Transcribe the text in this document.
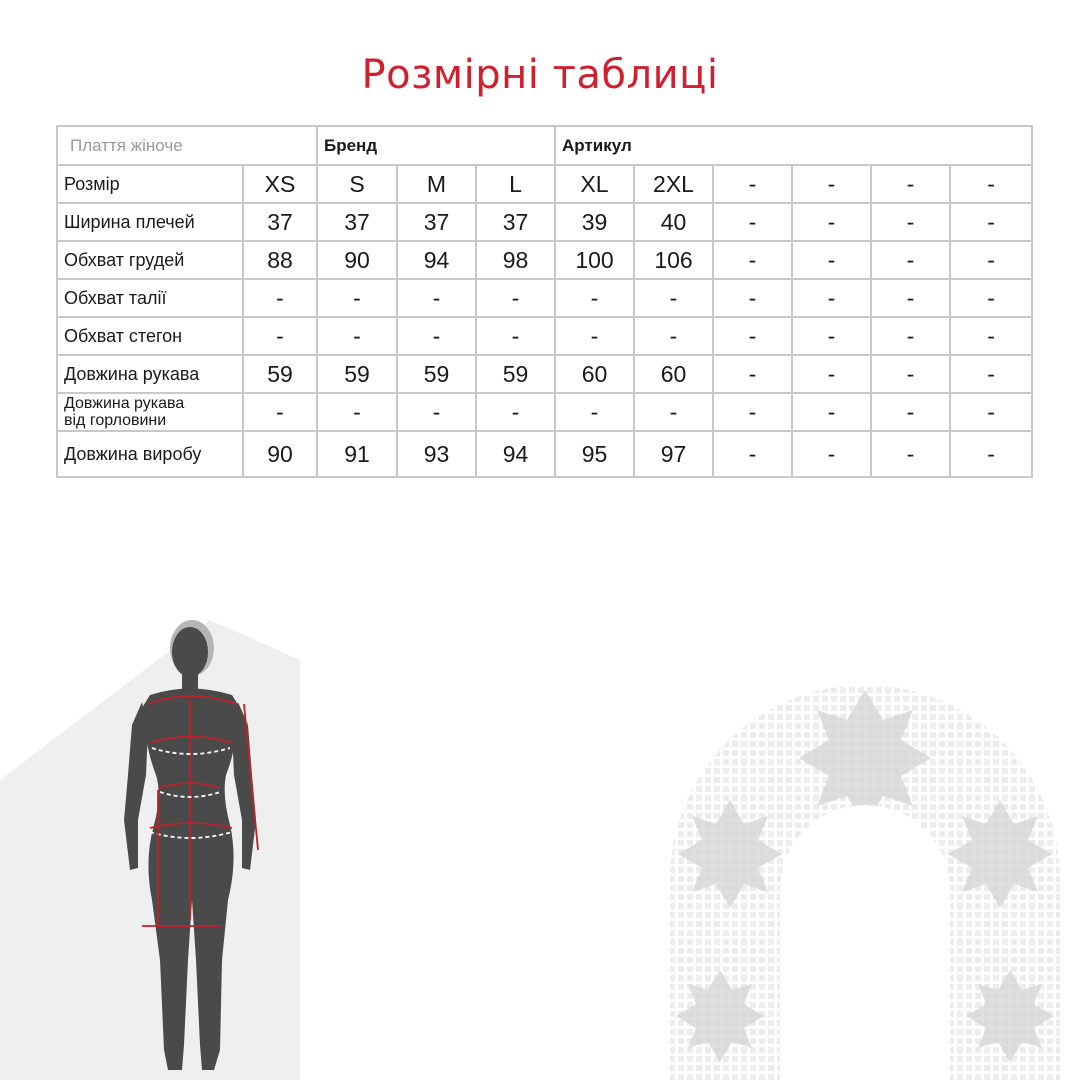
Розмірні таблиці
Плаття жіноче		Бренд			Артикул					
Розмір	XS	S	M	L	XL	2XL	-	-	-	-
Ширина плечей	37	37	37	37	39	40	-	-	-	-
Обхват грудей	88	90	94	98	100	106	-	-	-	-
Обхват талії	-	-	-	-	-	-	-	-	-	-
Обхват стегон	-	-	-	-	-	-	-	-	-	-
Довжина рукава	59	59	59	59	60	60	-	-	-	-

Довжина рукава
від горловини	-	-	-	-	-	-	-	-	-	-
Довжина виробу	90	91	93	94	95	97	-	-	-	-
